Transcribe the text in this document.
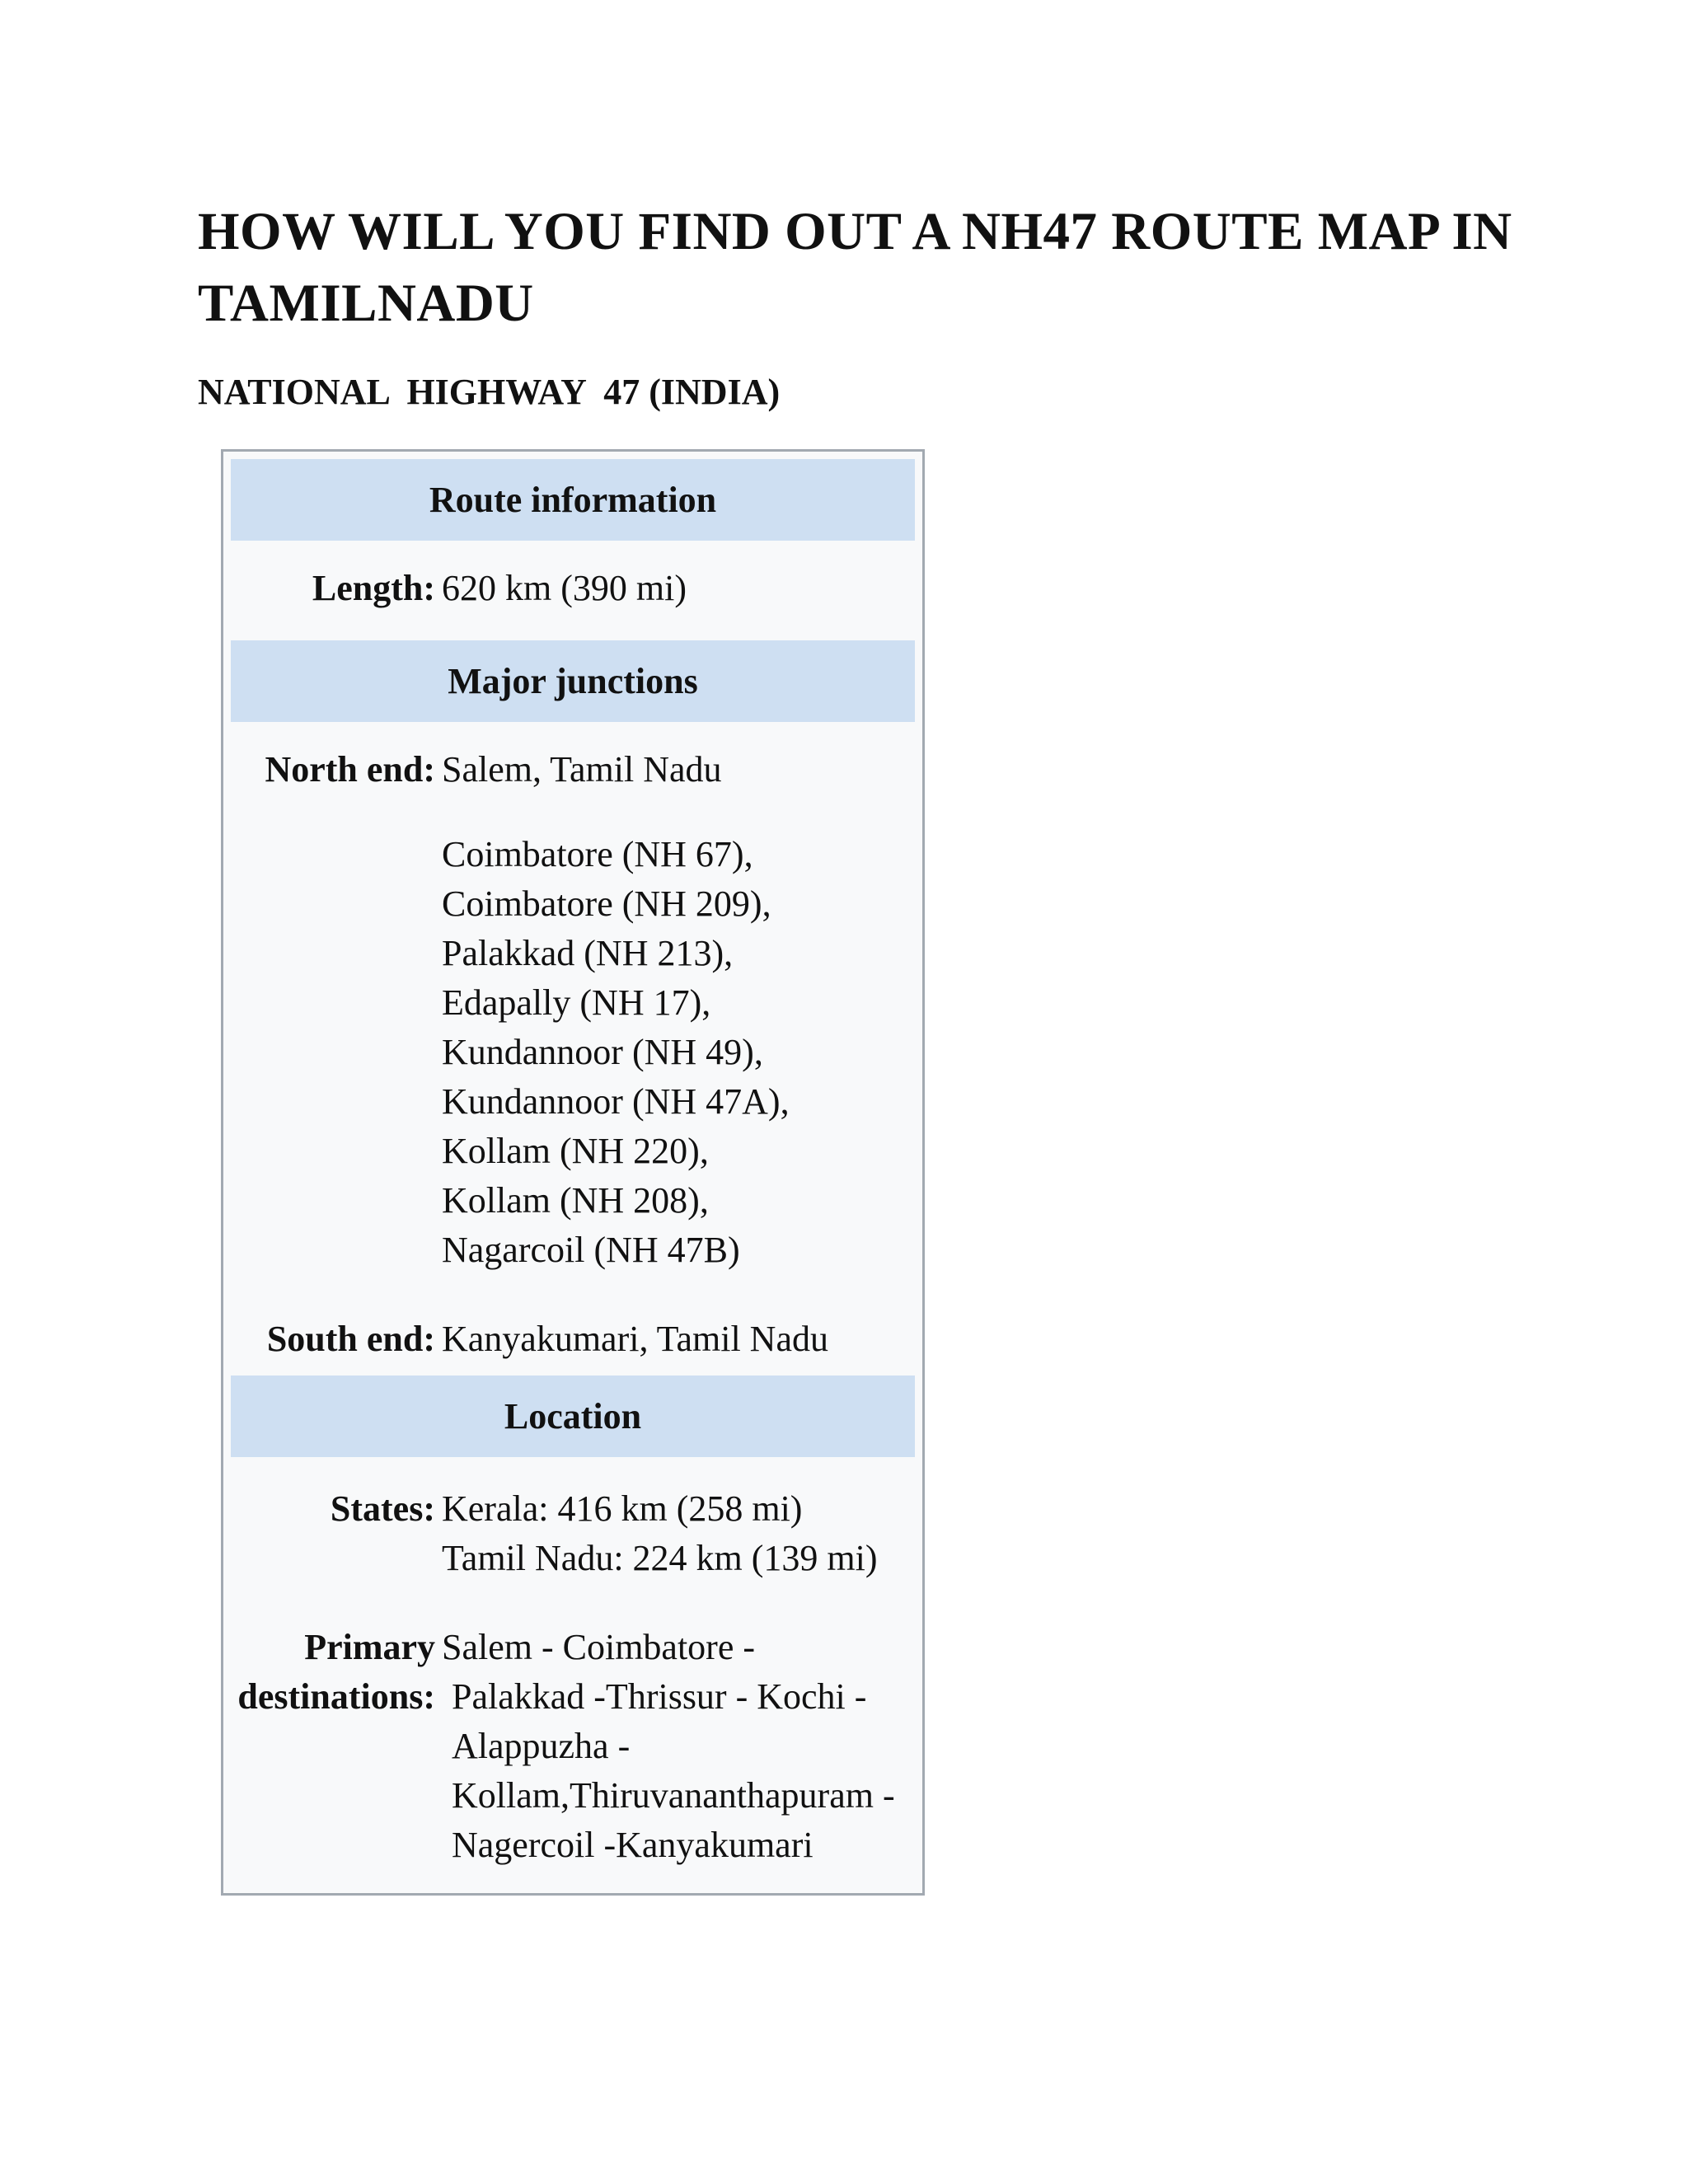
HOW WILL YOU FIND OUT A NH47 ROUTE MAP IN TAMILNADU
NATIONAL  HIGHWAY  47 (INDIA)
Route information
Length: 620 km (390 mi)
Major junctions
North end: Salem, Tamil Nadu
Coimbatore (NH 67),
Coimbatore (NH 209),
Palakkad (NH 213),
Edapally (NH 17),
Kundannoor (NH 49),
Kundannoor (NH 47A),
Kollam (NH 220),
Kollam (NH 208),
Nagarcoil (NH 47B)
South end: Kanyakumari, Tamil Nadu
Location
States: Kerala: 416 km (258 mi)
Tamil Nadu: 224 km (139 mi)
Primary
destinations:
Salem - Coimbatore -
Palakkad -Thrissur - Kochi -
Alappuzha -
Kollam,Thiruvananthapuram -
Nagercoil -Kanyakumari
